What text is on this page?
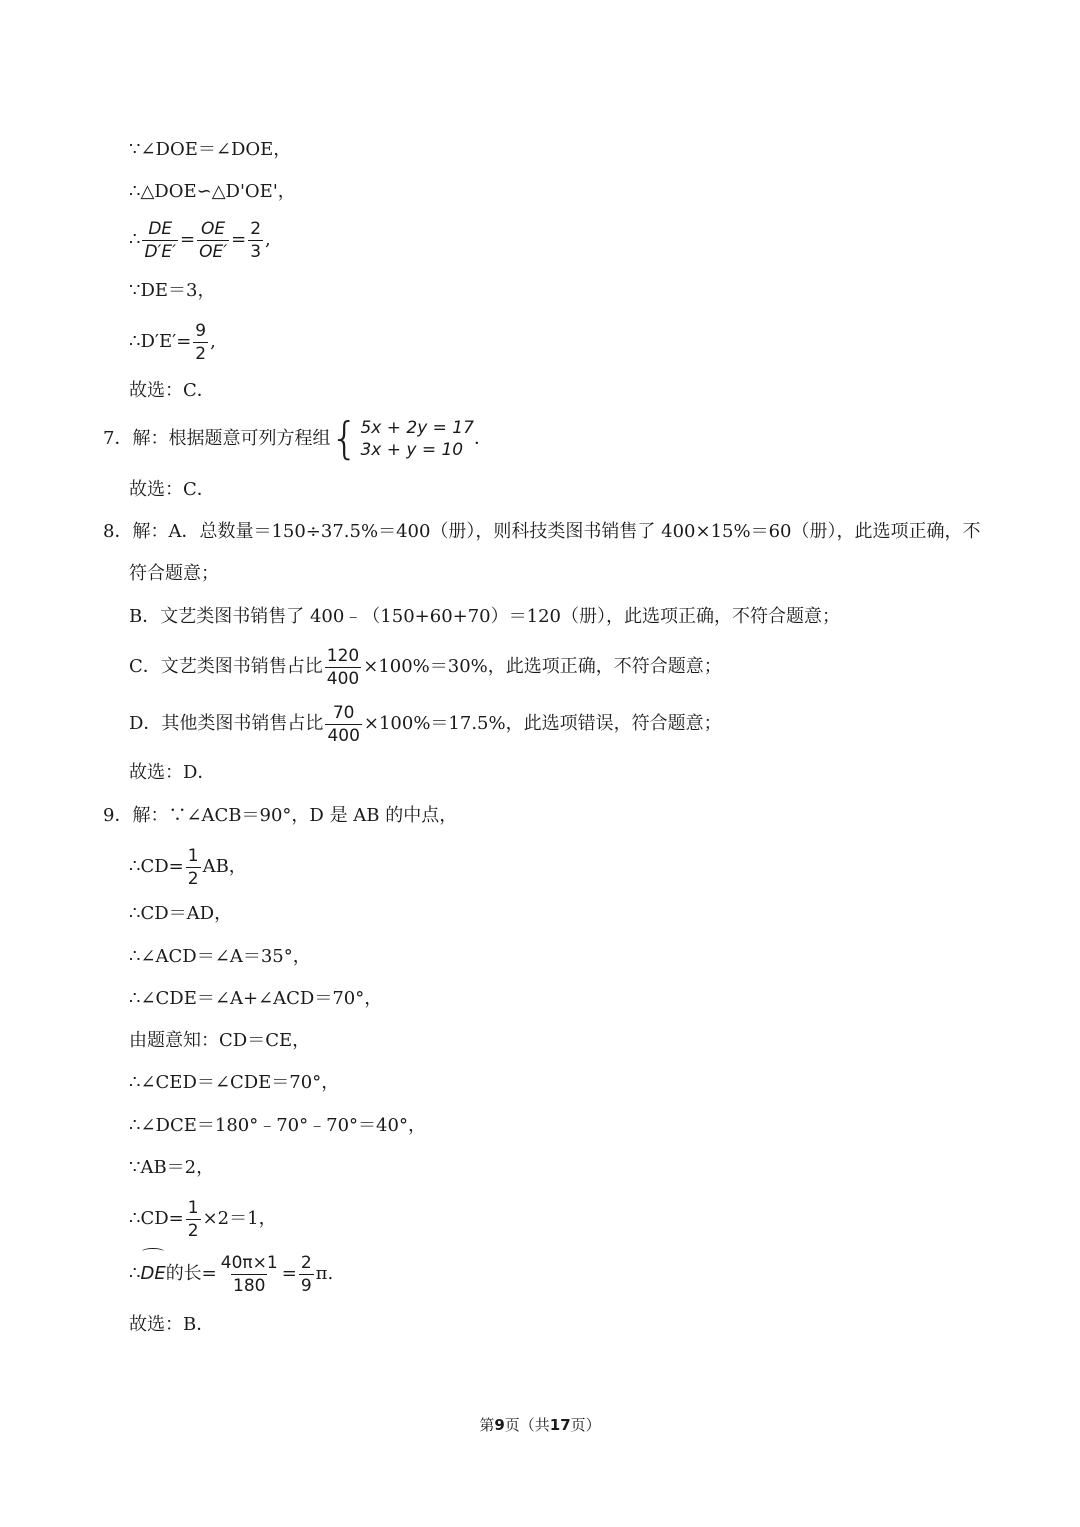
∵∠DOE＝∠DOE，
∴△DOE∽△D'OE'，
∴ $\frac{DE}{D'E'} = \frac{OE}{OE'} = \frac{2}{3}$ ,
∵DE＝3，
∴D′E′= $\frac{9}{2}$ ,
故选：C．
7．解：根据题意可列方程组 { 5x + 2y = 17
3x + y = 10
．
故选：C．
8．解：A．总数量＝150÷37.5%＝400（册），则科技类图书销售了 400×15%＝60（册），此选项正确，不
符合题意；
B．文艺类图书销售了 400﹣（150+60+70）＝120（册），此选项正确，不符合题意；
C．文艺类图书销售占比 $\frac{120}{400} \times 100\%=30\%$，此选项正确，不符合题意；
D．其他类图书销售占比 $\frac{70}{400} \times 100\%=17.5\%$，此选项错误，符合题意；
故选：D．
9．解：∵∠ACB＝90°，D 是 AB 的中点，
∴CD= $\frac{1}{2}$ AB，
∴CD＝AD，
∴∠ACD＝∠A＝35°，
∴∠CDE＝∠A+∠ACD＝70°，
由题意知：CD＝CE，
∴∠CED＝∠CDE＝70°，
∴∠DCE＝180°﹣70°﹣70°＝40°，
∵AB＝2，
∴CD= $\frac{1}{2} \times 2=1$，
∴DE的长= $\frac{40\pi\times 1}{180} = \frac{2}{9} \pi$.
故选：B．
第9页（共17页）
